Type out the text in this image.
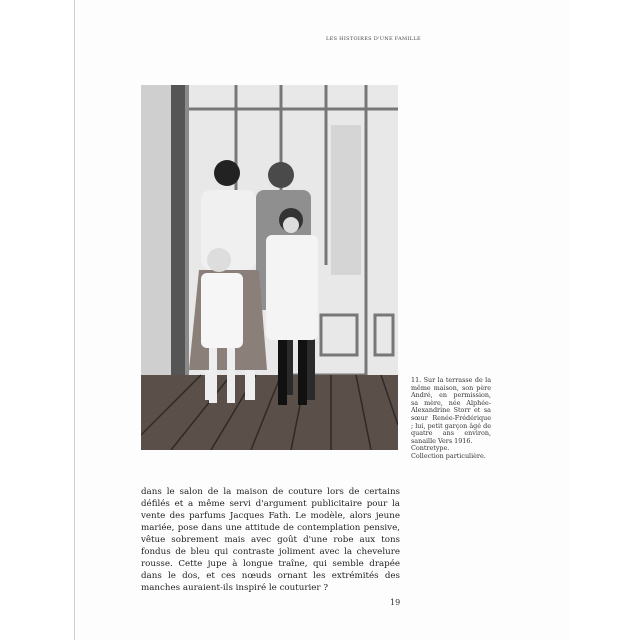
LES HISTOIRES D'UNE FAMILLE
11. Sur la terrasse de la même maison, son père André, en permission, sa mère, née Alphée-Alexandrine Storr et sa sœur Renée-Frédérique ; lui, petit garçon âgé de quatre ans environ, sanaille Vers 1916.
Contretype.
Collection particulière.
dans le salon de la maison de couture lors de certains défilés et a même servi d'argument publicitaire pour la vente des parfums Jacques Fath. Le modèle, alors jeune mariée, pose dans une attitude de contemplation pensive, vêtue sobrement mais avec goût d'une robe aux tons fondus de bleu qui contraste joliment avec la chevelure rousse. Cette jupe à longue traîne, qui semble drapée dans le dos, et ces nœuds ornant les extrémités des manches auraient-ils inspiré le couturier ?
19
